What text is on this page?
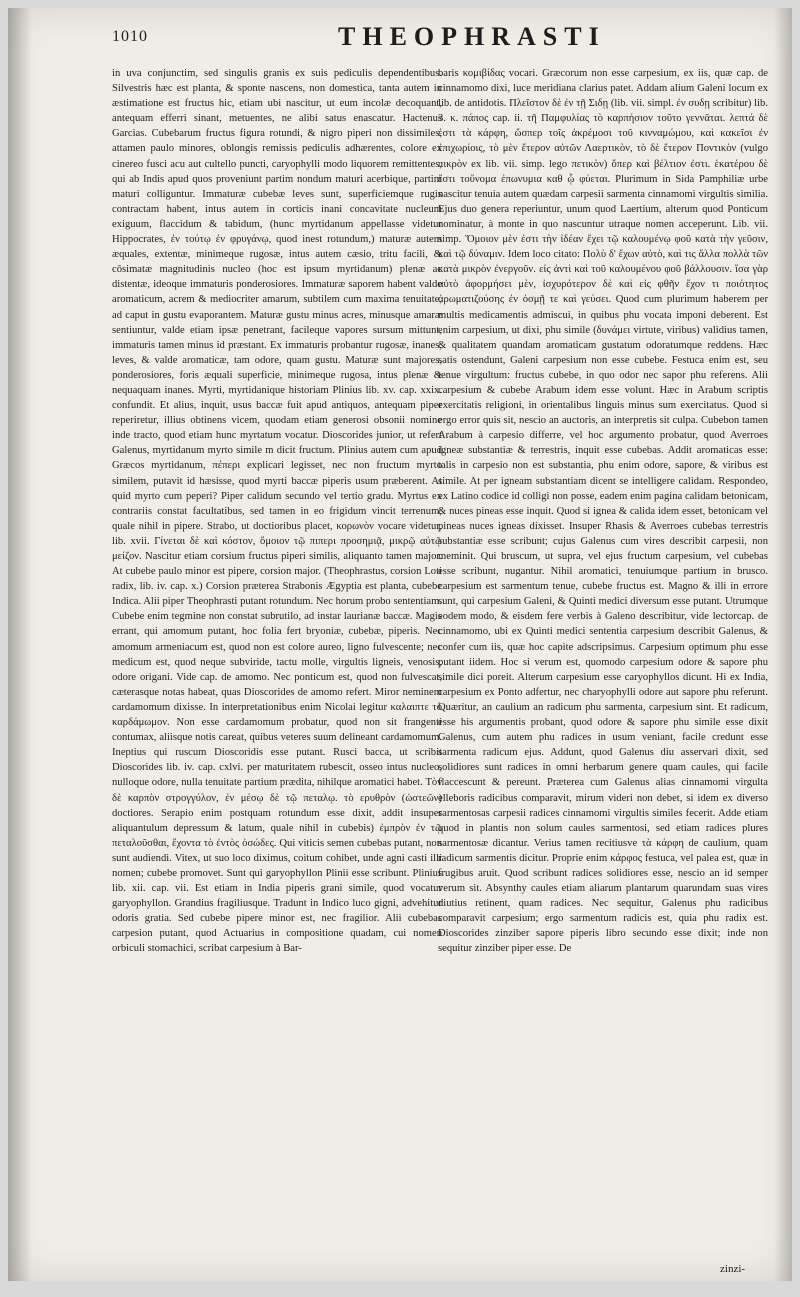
1010	THEOPHRASTI

in uva conjunctim, sed singulis granis ex suis pediculis dependentibus. Silvestris hæc est planta, & sponte nascens, non domestica, tanta autem in æstimatione est fructus hic, etiam ubi nascitur, ut eum incolæ decoquant, antequam efferri sinant, metuentes, ne alibi satus enascatur. Hactenus Garcias. Cubebarum fructus figura rotundi, & nigro piperi non dissimiles, attamen paulo minores, oblongis remissis pediculis adhærentes, colore ex cinereo fusci acu aut cultello puncti, caryophylli modo liquorem remittentes, qui ab Indis apud quos proveniunt partim nondum maturi acerbique, partim maturi colliguntur. Immaturæ cubebæ leves sunt, superficiemque rugis contractam habent, intus autem in corticis inani concavitate nucleum exiguum, flaccidum & tabidum, (hunc myrtidanum appellasse videtur Hippocrates, ἐν τούτῳ ἐν φρυγάνῳ, quod inest rotundum,) maturæ autem æquales, extentæ, minimeque rugosæ, intus autem cæsio, tritu facili, & cōsimatæ magnitudinis nucleo (hoc est ipsum myrtidanum) plenæ ac distentæ, ideoque immaturis ponderosiores. Immaturæ saporem habent valde aromaticum, acrem & mediocriter amarum, subtilem cum maxima tenuitate, ad caput in gustu evaporantem. Maturæ gustu minus acres, minusque amaræ sentiuntur, valde etiam ipsæ penetrant, facileque vapores sursum mittunt, immaturis tamen minus id præstant. Ex immaturis probantur rugosæ, inanes, leves, & valde aromaticæ, tam odore, quam gustu. Maturæ sunt majores, ponderosiores, foris æquali superficie, minimeque rugosa, intus plenæ & nequaquam inanes. Myrti, myrtidanique historiam Plinius lib. xv. cap. xxix. confundit. Et alius, inquit, usus baccæ fuit apud antiquos, antequam piper reperiretur, illius obtinens vicem, quodam etiam generosi obsonii nomine inde tracto, quod etiam hunc myrtatum vocatur. Dioscorides junior, ut refert Galenus, myrtidanum myrto simile m dicit fructum. Plinius autem cum apud Græcos myrtidanum, πέπερι explicari legisset, nec non fructum myrto similem, putavit id hæsisse, quod myrti baccæ piperis usum præberent. At quid myrto cum peperi? Piper calidum secundo vel tertio gradu. Myrtus ex contrariis constat facultatibus, sed tamen in eo frigidum vincit terrenum, quale nihil in pipere. Strabo, ut doctioribus placet, κορωνὸν vocare videtur, lib. xvii. Γίνεται δὲ καὶ κόστον, ὅμοιον τῷ πιπερι προσημιᾷ, μικρῷ αὐτῷ μείζον. Nascitur etiam corsium fructus piperi similis, aliquanto tamen major. At cubebe paulo minor est pipere, corsion major. (Theophrastus, corsion Loti radix, lib. iv. cap. x.) Corsion præterea Strabonis Ægyptia est planta, cubebe Indica. Alii piper Theophrasti putant rotundum. Nec horum probo sententiam. Cubebe enim tegmine non constat subrutilo, ad instar laurianæ baccæ. Magis errant, qui amomum putant, hoc folia fert bryoniæ, cubebæ, piperis. Nec amomum armeniacum est, quod non est colore aureo, ligno fulvescente; nec medicum est, quod neque subviride, tactu molle, virgultis ligneis, venosis, odore origani. Vide cap. de amomo. Nec ponticum est, quod non fulvescat, cæterasque notas habeat, quas Dioscorides de amomo refert. Miror neminem cardamomum dixisse. In interpretationibus enim Nicolai legitur καλαιπτε τὸ καρδάμωμον. Non esse cardamomum probatur, quod non sit frangenti contumax, aliisque notis careat, quibus veteres suum delineant cardamomum. Ineptius qui ruscum Dioscoridis esse putant. Rusci bacca, ut scribit Dioscorides lib. iv. cap. cxlvi. per maturitatem rubescit, osseo intus nucleo, nulloque odore, nulla tenuitate partium prædita, nihilque aromatici habet. Τὸν δὲ καρπὸν στρογγύλον, ἐν μέσῳ δὲ τῷ πεταλῳ. τὸ ερυθρὸν (ὠστεῶν) doctiores. Serapio enim postquam rotundum esse dixit, addit insuper aliquantulum depressum & latum, quale nihil in cubebis) ἐμπρὸν ἐν τῷ πεταλοῦσθαι, ἔχοντα τὸ ἐντὸς ὀσώδες. Qui viticis semen cubebas putant, non sunt audiendi. Vitex, ut suo loco diximus, coitum cohibet, unde agni casti illi nomen; cubebe promovet. Sunt qui garyophyllon Plinii esse scribunt. Plinius lib. xii. cap. vii. Est etiam in India piperis grani simile, quod vocatur garyophyllon. Grandius fragiliusque. Tradunt in Indico luco gigni, advehitur odoris gratia. Sed cubebe pipere minor est, nec fragilior. Alii cubebas carpesion putant, quod Actuarius in compositione quadam, cui nomen orbiculi stomachici, scribat carpesium à Bar-

baris κομιβίδας vocari. Græcorum non esse carpesium, ex iis, quæ cap. de cinnamomo dixi, luce meridiana clarius patet. Addam alium Galeni locum ex lib. de antidotis. Πλεῖστον δὲ ἐν τῇ Σιδῃ (lib. vii. simpl. ἐν συδῃ scribitur) lib. 3. κ. πάπος cap. ii. τῆ Παμφυλίας τὸ καρπήσιον τοῦτο γεννᾶται. λεπτά δὲ ἐστι τὰ κάρφη, ὥσπερ τοῖς ἀκρέμοσι τοῦ κινναμώμου, καὶ κακεῖσι ἐν ἐπιχωρίοις, τὸ μὲν ἕτερον αὐτῶν Λαερτικὸν, τὸ δὲ ἕτερον Ποντικὸν (vulgo πικρὸν ex lib. vii. simp. lego πετικὸν) ὅπερ καὶ βέλτιον ἐστι. ἑκατέρου δὲ ἔστι τοὔνομα ἐπωνυμια καθ ᾧ φύεται. Plurimum in Sida Pamphiliæ urbe nascitur tenuia autem quædam carpesii sarmenta cinnamomi virgultis similia. Ejus duo genera reperiuntur, unum quod Laertium, alterum quod Ponticum nominatur, à monte in quo nascuntur utraque nomen acceperunt. Lib. vii. simp. Ὅμοιον μὲν ἐστι τὴν ἰδέαν ἔχει τῷ καλουμένῳ φοῦ κατὰ τὴν γεῦσιν, καὶ τῷ δύναμιν. Idem loco citato: Πολὺ δ' ἔχων αὐτὸ, καὶ τις ἄλλα πολλὰ τῶν κατὰ μικρὸν ἐνεργοῦν. εἰς ἀντὶ καὶ τοῦ καλουμένου φοῦ βάλλουσιν. ἴσα γὰρ αὐτὸ ἀφορμήσει μὲν, ἰσχυρότερον δὲ καὶ εἰς φθῆν ἔχον τι ποιότητος ἀρωματιζούσης ἐν ὀσμῇ τε καὶ γεύσει. Quod cum plurimum haberem per multis medicamentis admiscui, in quibus phu vocata imponi deberent. Est enim carpesium, ut dixi, phu simile (δυνάμει virtute, viribus) validius tamen, & qualitatem quandam aromaticam gustatum odoratumque reddens. Hæc satis ostendunt, Galeni carpesium non esse cubebe. Festuca enim est, seu tenue virgultum: fructus cubebe, in quo odor nec sapor phu referens. Alii carpesium & cubebe Arabum idem esse volunt. Hæc in Arabum scriptis exercitatis religioni, in orientalibus linguis minus sum exercitatus. Quod si ergo error quis sit, nescio an auctoris, an interpretis sit culpa. Cubebon tamen Arabum à carpesio differre, vel hoc argumento probatur, quod Averroes igneæ substantiæ & terrestris, inquit esse cubebas. Addit aromaticas esse: talis in carpesio non est substantia, phu enim odore, sapore, & viribus est simile. At per igneam substantiam dicent se intelligere calidam. Respondeo, ex Latino codice id colligi non posse, eadem enim pagina calidam betonicam, & nuces pineas esse inquit. Quod si ignea & calida idem esset, betonicam vel pineas nuces igneas dixisset. Insuper Rhasis & Averroes cubebas terrestris substantiæ esse scribunt; cujus Galenus cum vires describit carpesii, non meminit. Qui bruscum, ut supra, vel ejus fructum carpesium, vel cubebas esse scribunt, nugantur. Nihil aromatici, tenuiumque partium in brusco. carpesium est sarmentum tenue, cubebe fructus est. Magno & illi in errore sunt, qui carpesium Galeni, & Quinti medici diversum esse putant. Utrumque eodem modo, & eisdem fere verbis à Galeno describitur, vide lectorcap. de cinnamomo, ubi ex Quinti medici sententia carpesium describit Galenus, & confer cum iis, quæ hoc capite adscripsimus. Carpesium optimum phu esse putant iidem. Hoc si verum est, quomodo carpesium odore & sapore phu simile dici poreit. Alterum carpesium esse caryophyllos dicunt. Hi ex India, carpesium ex Ponto adfertur, nec charyophylli odore aut sapore phu referunt. Quæritur, an caulium an radicum phu sarmenta, carpesium sint. Et radicum, esse his argumentis probant, quod odore & sapore phu simile esse dixit Galenus, cum autem phu radices in usum veniant, facile credunt esse sarmenta radicum ejus. Addunt, quod Galenus diu asservari dixit, sed solidiores sunt radices in omni herbarum genere quam caules, qui facile flaccescunt & pereunt. Præterea cum Galenus alias cinnamomi virgulta elleboris radicibus comparavit, mirum videri non debet, si idem ex diverso sarmentosas carpesii radices cinnamomi virgultis similes fecerit. Adde etiam quod in plantis non solum caules sarmentosi, sed etiam radices plures sarmentosæ dicantur. Verius tamen recitiusve τὰ κάρφη de caulium, quam radicum sarmentis dicitur. Proprie enim κάρφος festuca, vel palea est, quæ in frugibus aruit. Quod scribunt radices solidiores esse, nescio an id semper verum sit. Absynthy caules etiam aliarum plantarum quarundam suas vires diutius retinent, quam radices. Nec sequitur, Galenus phu radicibus comparavit carpesium; ergo sarmentum radicis est, quia phu radix est. Dioscorides zinziber sapore piperis libro secundo esse dixit; inde non sequitur zinziber piper esse. De

zinzi-
